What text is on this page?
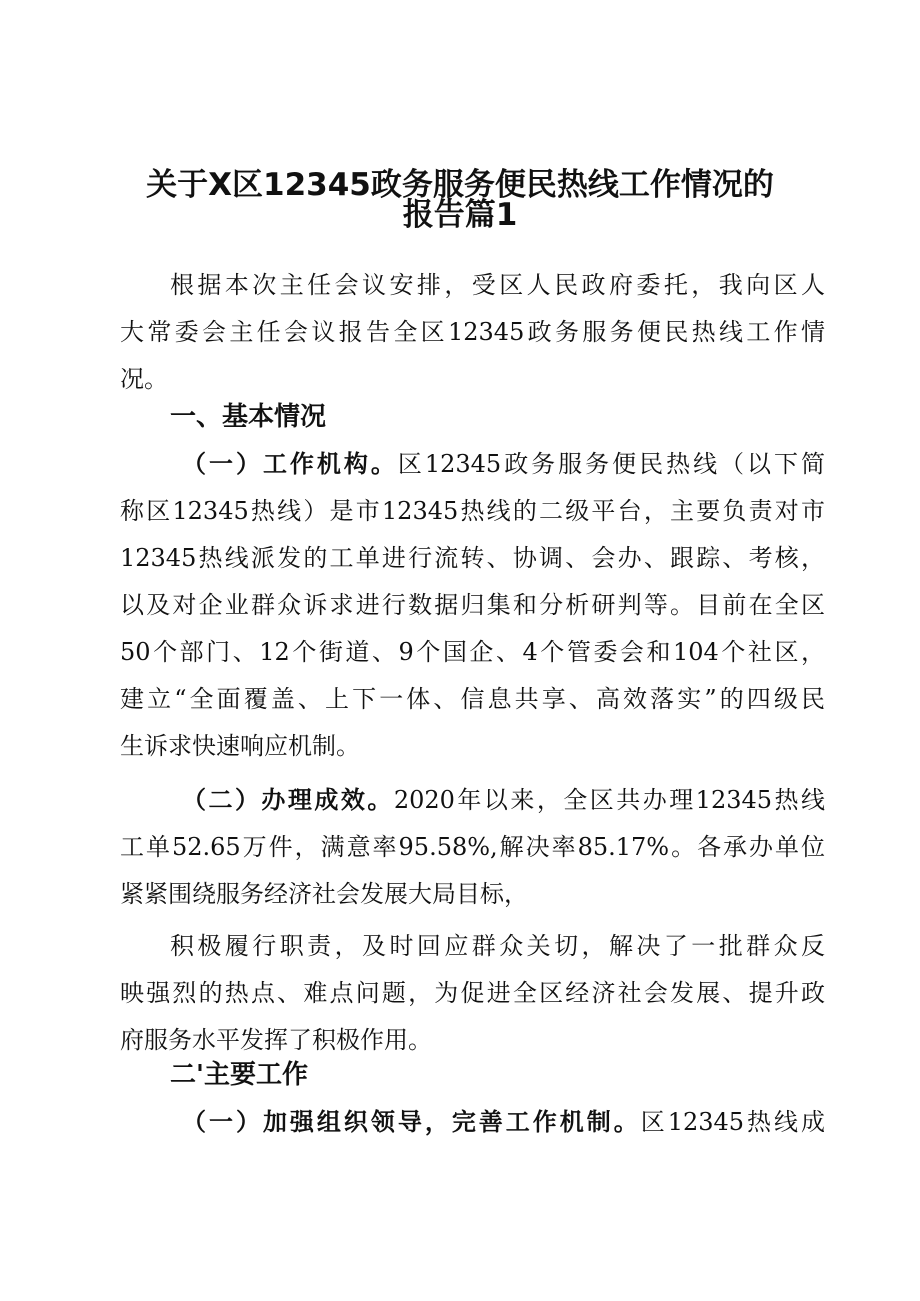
关于X区12345政务服务便民热线工作情况的
报告篇1

根据本次主任会议安排，受区人民政府委托，我向区人

大常委会主任会议报告全区12345政务服务便民热线工作情

况。

一、基本情况

（一）工作机构。区12345政务服务便民热线（以下简

称区12345热线）是市12345热线的二级平台，主要负责对市

12345热线派发的工单进行流转、协调、会办、跟踪、考核，

以及对企业群众诉求进行数据归集和分析研判等。目前在全区

50个部门、12个街道、9个国企、4个管委会和104个社区，

建立“全面覆盖、上下一体、信息共享、高效落实”的四级民

生诉求快速响应机制。

（二）办理成效。2020年以来，全区共办理12345热线

工单52.65万件，满意率95.58%,解决率85.17%。各承办单位

紧紧围绕服务经济社会发展大局目标，

积极履行职责，及时回应群众关切，解决了一批群众反

映强烈的热点、难点问题，为促进全区经济社会发展、提升政

府服务水平发挥了积极作用。

二'主要工作

（一）加强组织领导，完善工作机制。区12345热线成
